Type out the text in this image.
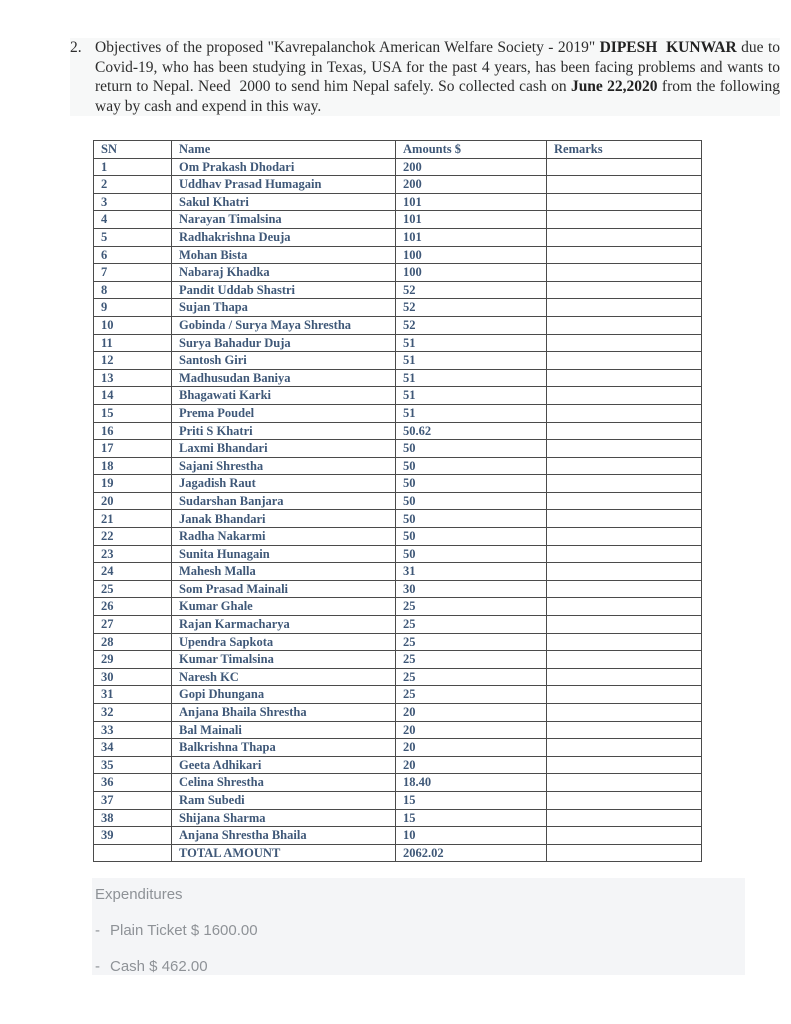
2. Objectives of the proposed "Kavrepalanchok American Welfare Society - 2019" DIPESH  KUNWAR due to Covid-19, who has been studying in Texas, USA for the past 4 years, has been facing problems and wants to return to Nepal. Need  2000 to send him Nepal safely. So collected cash on June 22,2020 from the following way by cash and expend in this way.
SN	Name	Amounts $	Remarks
1	Om Prakash Dhodari	200	
2	Uddhav Prasad Humagain	200	
3	Sakul Khatri	101	
4	Narayan Timalsina	101	
5	Radhakrishna Deuja	101	
6	Mohan Bista	100	
7	Nabaraj Khadka	100	
8	Pandit Uddab Shastri	52	
9	Sujan Thapa	52	
10	Gobinda / Surya Maya Shrestha	52	
11	Surya Bahadur Duja	51	
12	Santosh Giri	51	
13	Madhusudan Baniya	51	
14	Bhagawati Karki	51	
15	Prema Poudel	51	
16	Priti S Khatri	50.62	
17	Laxmi Bhandari	50	
18	Sajani Shrestha	50	
19	Jagadish Raut	50	
20	Sudarshan Banjara	50	
21	Janak Bhandari	50	
22	Radha Nakarmi	50	
23	Sunita Hunagain	50	
24	Mahesh Malla	31	
25	Som Prasad Mainali	30	
26	Kumar Ghale	25	
27	Rajan Karmacharya	25	
28	Upendra Sapkota	25	
29	Kumar Timalsina	25	
30	Naresh KC	25	
31	Gopi Dhungana	25	
32	Anjana Bhaila Shrestha	20	
33	Bal Mainali	20	
34	Balkrishna Thapa	20	
35	Geeta Adhikari	20	
36	Celina Shrestha	18.40	
37	Ram Subedi	15	
38	Shijana Sharma	15	
39	Anjana Shrestha Bhaila	10	
	TOTAL AMOUNT	2062.02	

Expenditures

- Plain Ticket $ 1600.00

- Cash $ 462.00
